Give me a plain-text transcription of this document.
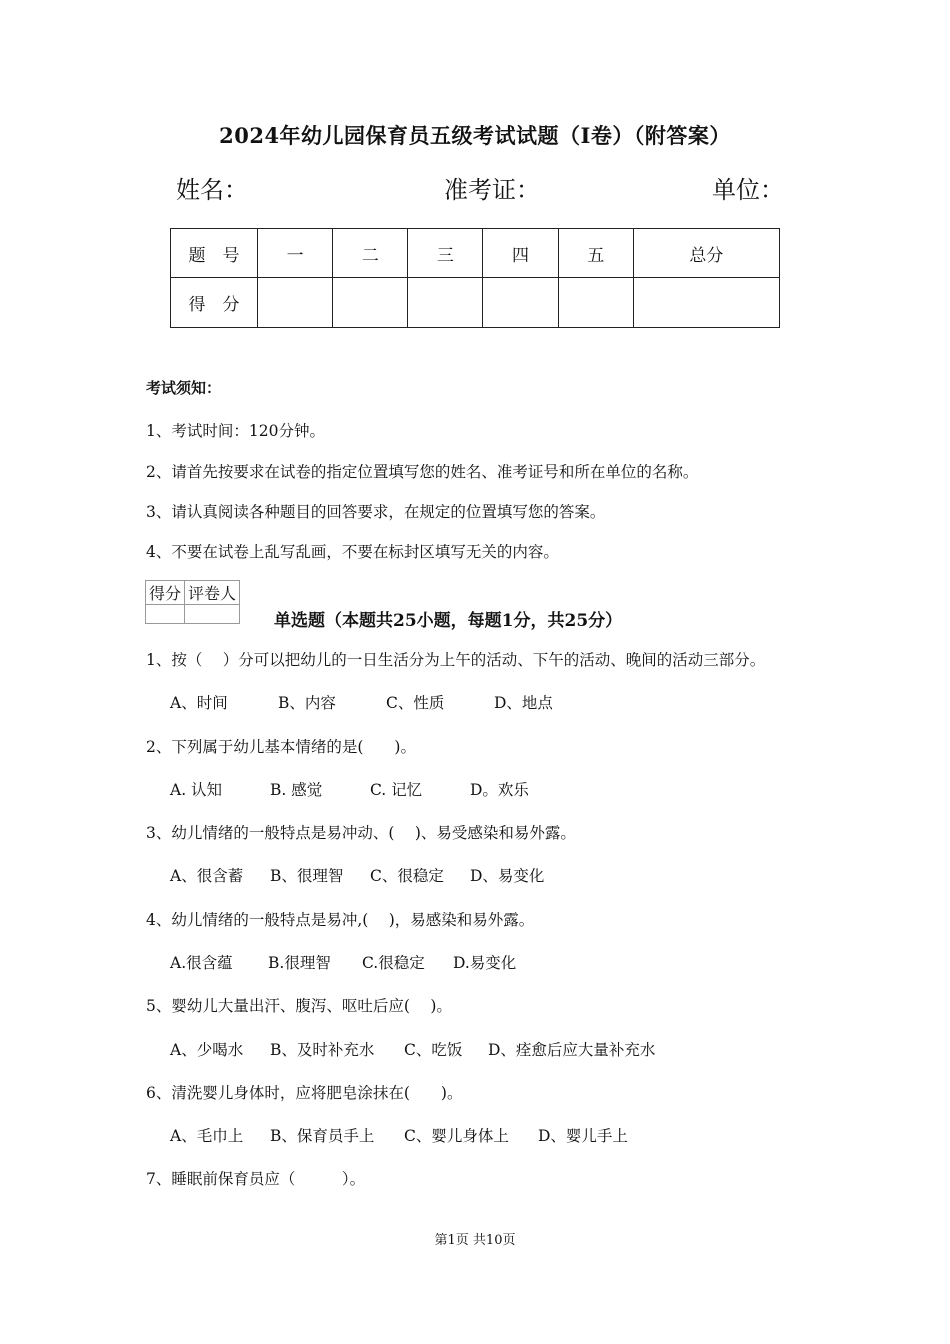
2024年幼儿园保育员五级考试试题（I卷）（附答案）
姓名：	准考证：	单位：
题　号	一	二	三	四	五	总分
得　分						
考试须知：
1、考试时间：120分钟。
2、请首先按要求在试卷的指定位置填写您的姓名、准考证号和所在单位的名称。
3、请认真阅读各种题目的回答要求，在规定的位置填写您的答案。
4、不要在试卷上乱写乱画，不要在标封区填写无关的内容。
得分	评卷人

单选题（本题共25小题，每题1分，共25分）
1、按（　 ）分可以把幼儿的一日生活分为上午的活动、下午的活动、晚间的活动三部分。
A、时间	B、内容	C、性质	D、地点
2、下列属于幼儿基本情绪的是(　　)。
A. 认知	B. 感觉	C. 记忆	D。欢乐
3、幼儿情绪的一般特点是易冲动、(　 )、易受感染和易外露。
A、很含蓄 B、很理智 C、很稳定 D、易变化
4、幼儿情绪的一般特点是易冲,(　 )，易感染和易外露。
A.很含蕴 B.很理智 C.很稳定 D.易变化
5、婴幼儿大量出汗、腹泻、呕吐后应(　 )。
A、少喝水 B、及时补充水 C、吃饭 D、痊愈后应大量补充水
6、清洗婴儿身体时，应将肥皂涂抹在(　　)。
A、毛巾上 B、保育员手上 C、婴儿身体上 D、婴儿手上
7、睡眠前保育员应（　　　）。
第1页 共10页
